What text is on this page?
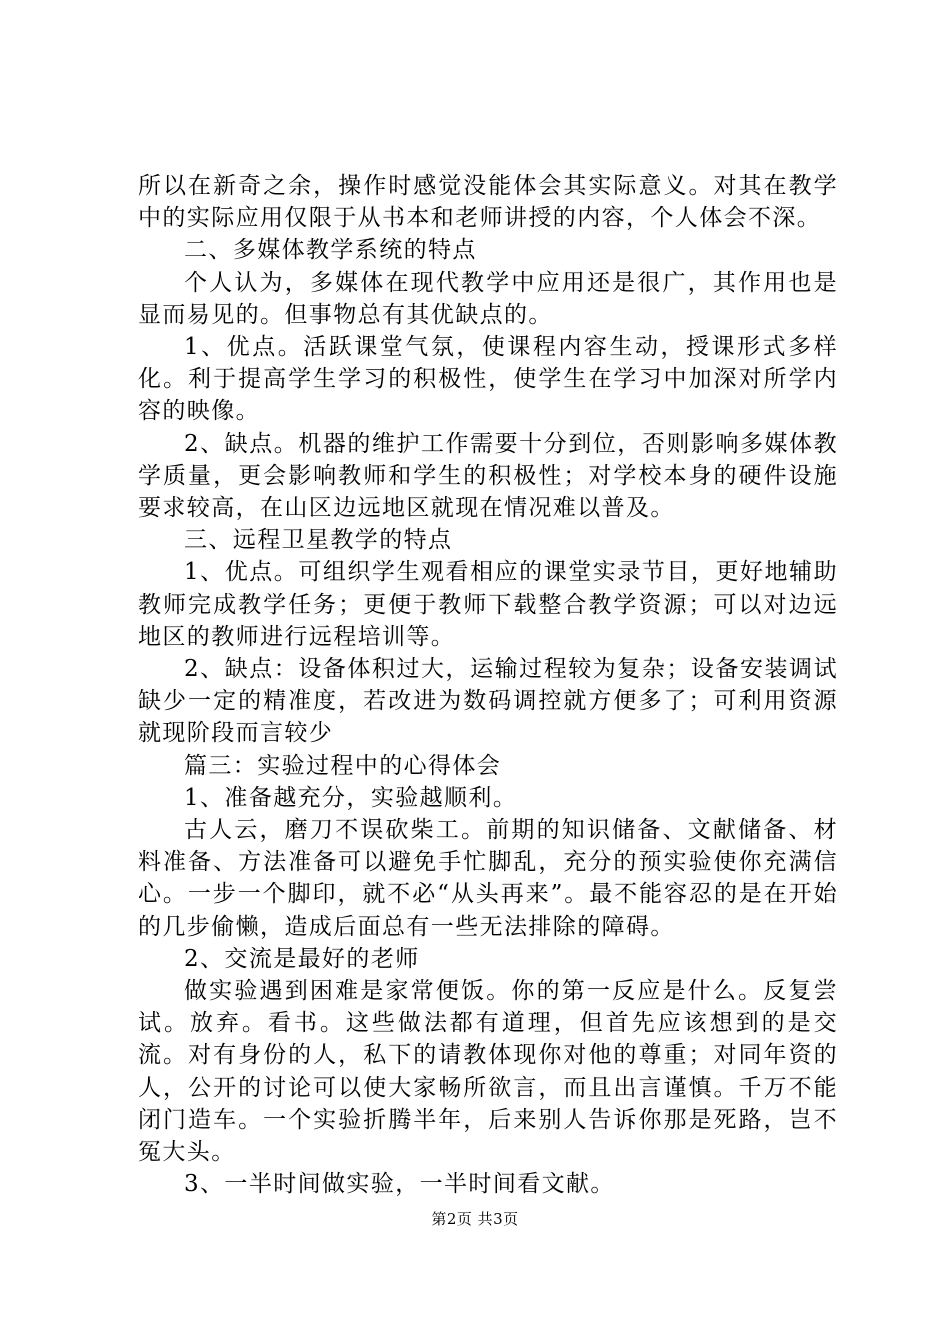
所以在新奇之余，操作时感觉没能体会其实际意义。对其在教学中的实际应用仅限于从书本和老师讲授的内容，个人体会不深。

二、多媒体教学系统的特点

个人认为，多媒体在现代教学中应用还是很广，其作用也是显而易见的。但事物总有其优缺点的。

1、优点。活跃课堂气氛，使课程内容生动，授课形式多样化。利于提高学生学习的积极性，使学生在学习中加深对所学内容的映像。

2、缺点。机器的维护工作需要十分到位，否则影响多媒体教学质量，更会影响教师和学生的积极性；对学校本身的硬件设施要求较高，在山区边远地区就现在情况难以普及。

三、远程卫星教学的特点

1、优点。可组织学生观看相应的课堂实录节目，更好地辅助教师完成教学任务；更便于教师下载整合教学资源；可以对边远地区的教师进行远程培训等。

2、缺点：设备体积过大，运输过程较为复杂；设备安装调试缺少一定的精准度，若改进为数码调控就方便多了；可利用资源就现阶段而言较少

篇三：实验过程中的心得体会

1、准备越充分，实验越顺利。

古人云，磨刀不误砍柴工。前期的知识储备、文献储备、材料准备、方法准备可以避免手忙脚乱，充分的预实验使你充满信心。一步一个脚印，就不必“从头再来”。最不能容忍的是在开始的几步偷懒，造成后面总有一些无法排除的障碍。

2、交流是最好的老师

做实验遇到困难是家常便饭。你的第一反应是什么。反复尝试。放弃。看书。这些做法都有道理，但首先应该想到的是交流。对有身份的人，私下的请教体现你对他的尊重；对同年资的人，公开的讨论可以使大家畅所欲言，而且出言谨慎。千万不能闭门造车。一个实验折腾半年，后来别人告诉你那是死路，岂不冤大头。

3、一半时间做实验，一半时间看文献。

第2页 共3页
